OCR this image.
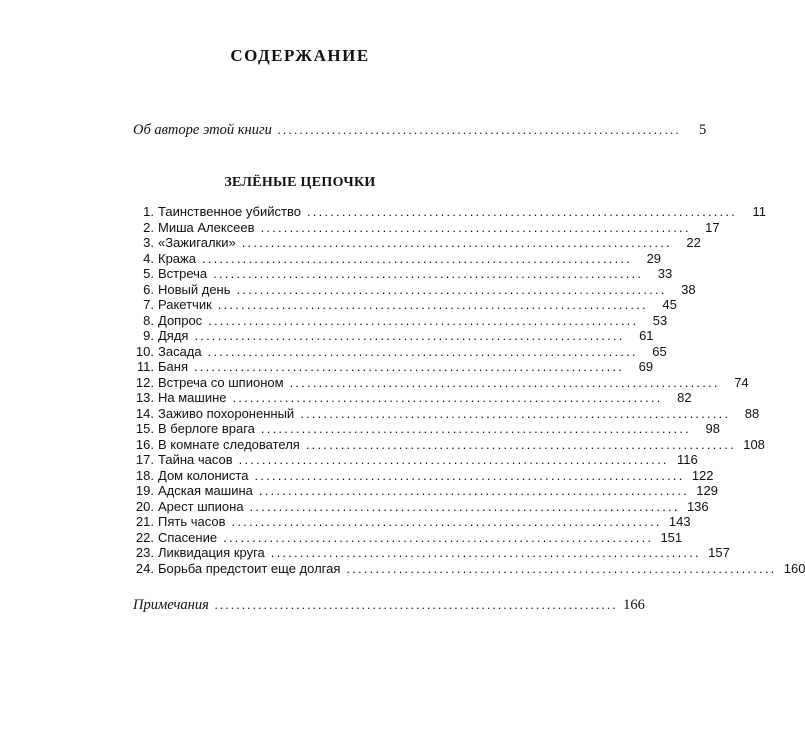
СОДЕРЖАНИЕ
Об авторе этой книги ..........................................................................	5
ЗЕЛЁНЫЕ ЦЕПОЧКИ
1. Таинственное убийство ..........................................................................	11
2. Миша Алексеев ..........................................................................	17
3. «Зажигалки» ..........................................................................	22
4. Кража ..........................................................................	29
5. Встреча ..........................................................................	33
6. Новый день ..........................................................................	38
7. Ракетчик ..........................................................................	45
8. Допрос ..........................................................................	53
9. Дядя ..........................................................................	61
10. Засада ..........................................................................	65
11. Баня ..........................................................................	69
12. Встреча со шпионом ..........................................................................	74
13. На машине ..........................................................................	82
14. Заживо похороненный ..........................................................................	88
15. В берлоге врага ..........................................................................	98
16. В комнате следователя .......................................................................... 108
17. Тайна часов .......................................................................... 116
18. Дом колониста .......................................................................... 122
19. Адская машина .......................................................................... 129
20. Арест шпиона .......................................................................... 136
21. Пять часов .......................................................................... 143
22. Спасение .......................................................................... 151
23. Ликвидация круга .......................................................................... 157
24. Борьба предстоит еще долгая .......................................................................... 160
Примечания .......................................................................... 166
